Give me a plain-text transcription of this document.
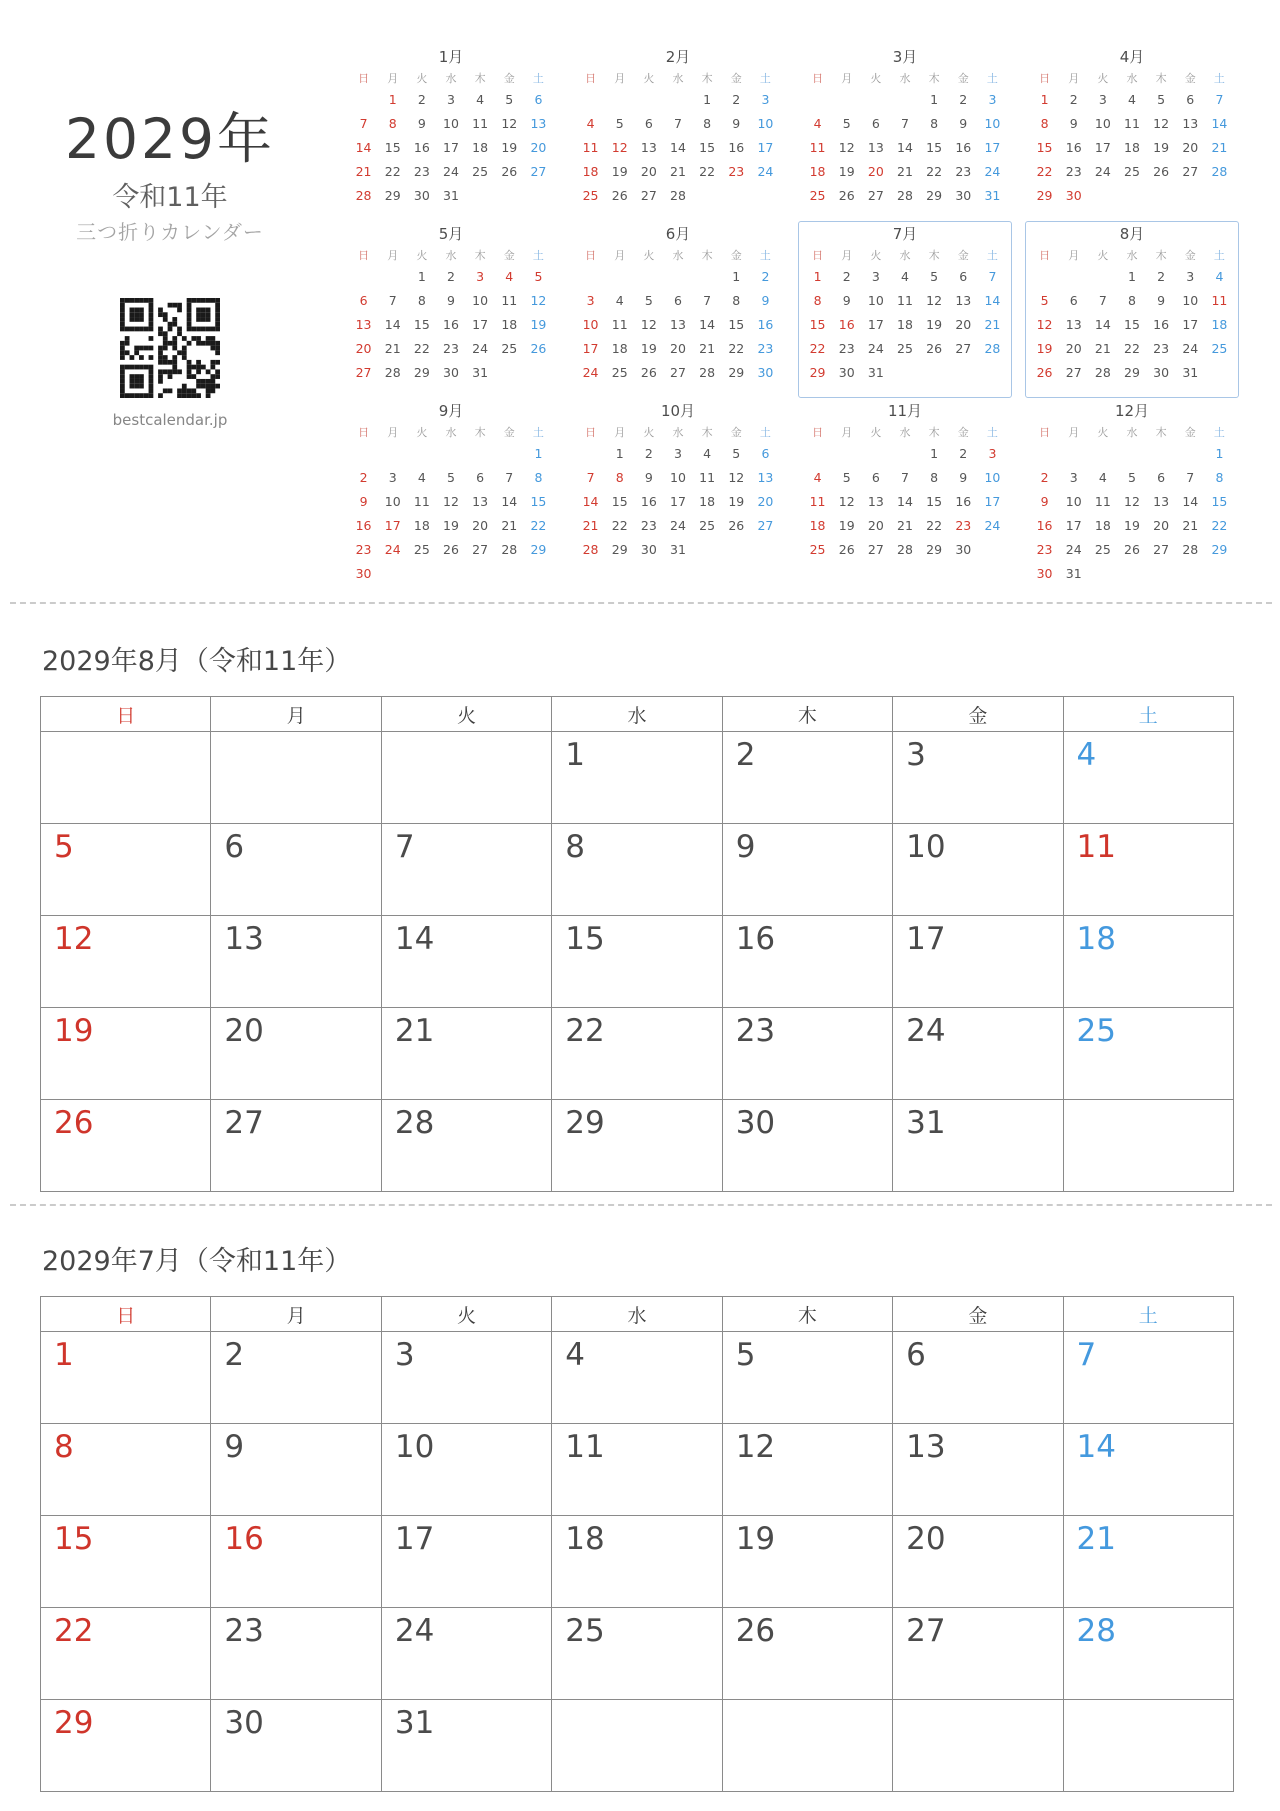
2029年
令和11年
三つ折りカレンダー
bestcalendar.jp
1月
日	月	火	水	木	金	土
	1	2	3	4	5	6
7	8	9	10	11	12	13
14	15	16	17	18	19	20
21	22	23	24	25	26	27
28	29	30	31			
2月
日	月	火	水	木	金	土
				1	2	3
4	5	6	7	8	9	10
11	12	13	14	15	16	17
18	19	20	21	22	23	24
25	26	27	28			
3月
日	月	火	水	木	金	土
				1	2	3
4	5	6	7	8	9	10
11	12	13	14	15	16	17
18	19	20	21	22	23	24
25	26	27	28	29	30	31
4月
日	月	火	水	木	金	土
1	2	3	4	5	6	7
8	9	10	11	12	13	14
15	16	17	18	19	20	21
22	23	24	25	26	27	28
29	30					
5月
日	月	火	水	木	金	土
		1	2	3	4	5
6	7	8	9	10	11	12
13	14	15	16	17	18	19
20	21	22	23	24	25	26
27	28	29	30	31		
6月
日	月	火	水	木	金	土
					1	2
3	4	5	6	7	8	9
10	11	12	13	14	15	16
17	18	19	20	21	22	23
24	25	26	27	28	29	30
7月
日	月	火	水	木	金	土
1	2	3	4	5	6	7
8	9	10	11	12	13	14
15	16	17	18	19	20	21
22	23	24	25	26	27	28
29	30	31				
8月
日	月	火	水	木	金	土
			1	2	3	4
5	6	7	8	9	10	11
12	13	14	15	16	17	18
19	20	21	22	23	24	25
26	27	28	29	30	31	
9月
日	月	火	水	木	金	土
						1
2	3	4	5	6	7	8
9	10	11	12	13	14	15
16	17	18	19	20	21	22
23	24	25	26	27	28	29
30						
10月
日	月	火	水	木	金	土
	1	2	3	4	5	6
7	8	9	10	11	12	13
14	15	16	17	18	19	20
21	22	23	24	25	26	27
28	29	30	31			
11月
日	月	火	水	木	金	土
				1	2	3
4	5	6	7	8	9	10
11	12	13	14	15	16	17
18	19	20	21	22	23	24
25	26	27	28	29	30	
12月
日	月	火	水	木	金	土
						1
2	3	4	5	6	7	8
9	10	11	12	13	14	15
16	17	18	19	20	21	22
23	24	25	26	27	28	29
30	31					
2029年8月（令和11年）
日	月	火	水	木	金	土
			1	2	3	4
5	6	7	8	9	10	11
12	13	14	15	16	17	18
19	20	21	22	23	24	25
26	27	28	29	30	31	
2029年7月（令和11年）
日	月	火	水	木	金	土
1	2	3	4	5	6	7
8	9	10	11	12	13	14
15	16	17	18	19	20	21
22	23	24	25	26	27	28
29	30	31				
